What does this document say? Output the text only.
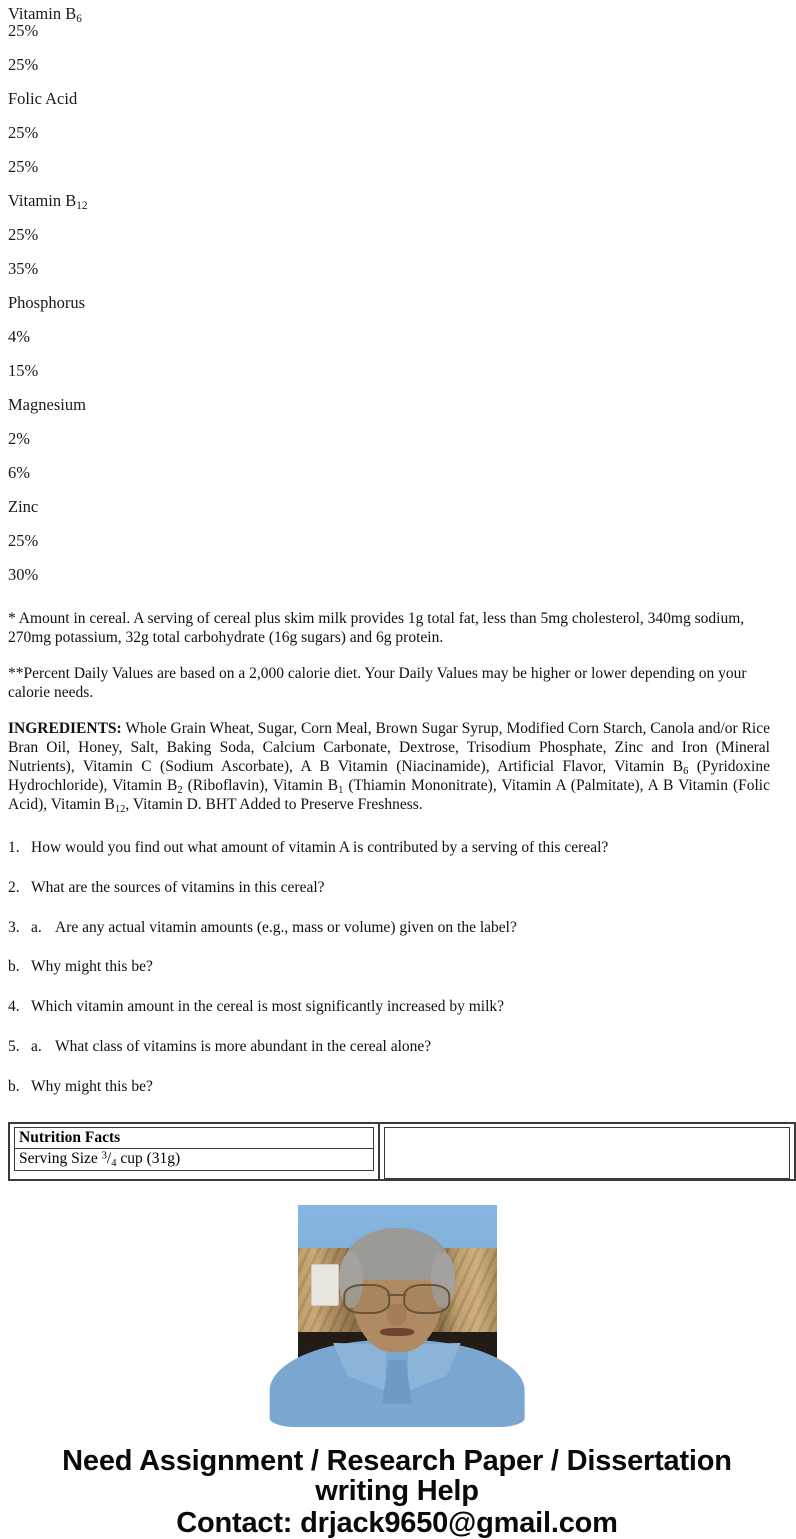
Vitamin $B_6$
25%
25%
Folic Acid
25%
25%
Vitamin $B_{12}$
25%
35%
Phosphorus
4%
15%
Magnesium
2%
6%
Zinc
25%
30%

* Amount in cereal. A serving of cereal plus skim milk provides 1g total fat, less than 5mg cholesterol, 340mg sodium, 270mg potassium, 32g total carbohydrate (16g sugars) and 6g protein.

**Percent Daily Values are based on a 2,000 calorie diet. Your Daily Values may be higher or lower depending on your calorie needs.

INGREDIENTS: Whole Grain Wheat, Sugar, Corn Meal, Brown Sugar Syrup, Modified Corn Starch, Canola and/or Rice Bran Oil, Honey, Salt, Baking Soda, Calcium Carbonate, Dextrose, Trisodium Phosphate, Zinc and Iron (Mineral Nutrients), Vitamin C (Sodium Ascorbate), A B Vitamin (Niacinamide), Artificial Flavor, Vitamin $B_6$ (Pyridoxine Hydrochloride), Vitamin $B_2$ (Riboflavin), Vitamin $B_1$ (Thiamin Mononitrate), Vitamin A (Palmitate), A B Vitamin (Folic Acid), Vitamin $B_{12}$, Vitamin D. BHT Added to Preserve Freshness.

1. How would you find out what amount of vitamin A is contributed by a serving of this cereal?
2. What are the sources of vitamins in this cereal?
3. a. Are any actual vitamin amounts (e.g., mass or volume) given on the label?
b. Why might this be?
4. Which vitamin amount in the cereal is most significantly increased by milk?
5. a. What class of vitamins is more abundant in the cereal alone?
b. Why might this be?
Nutrition Facts
Serving Size $^3/_4$ cup (31g)

Need Assignment / Research Paper / Dissertation writing Help
Contact: drjack9650@gmail.com
